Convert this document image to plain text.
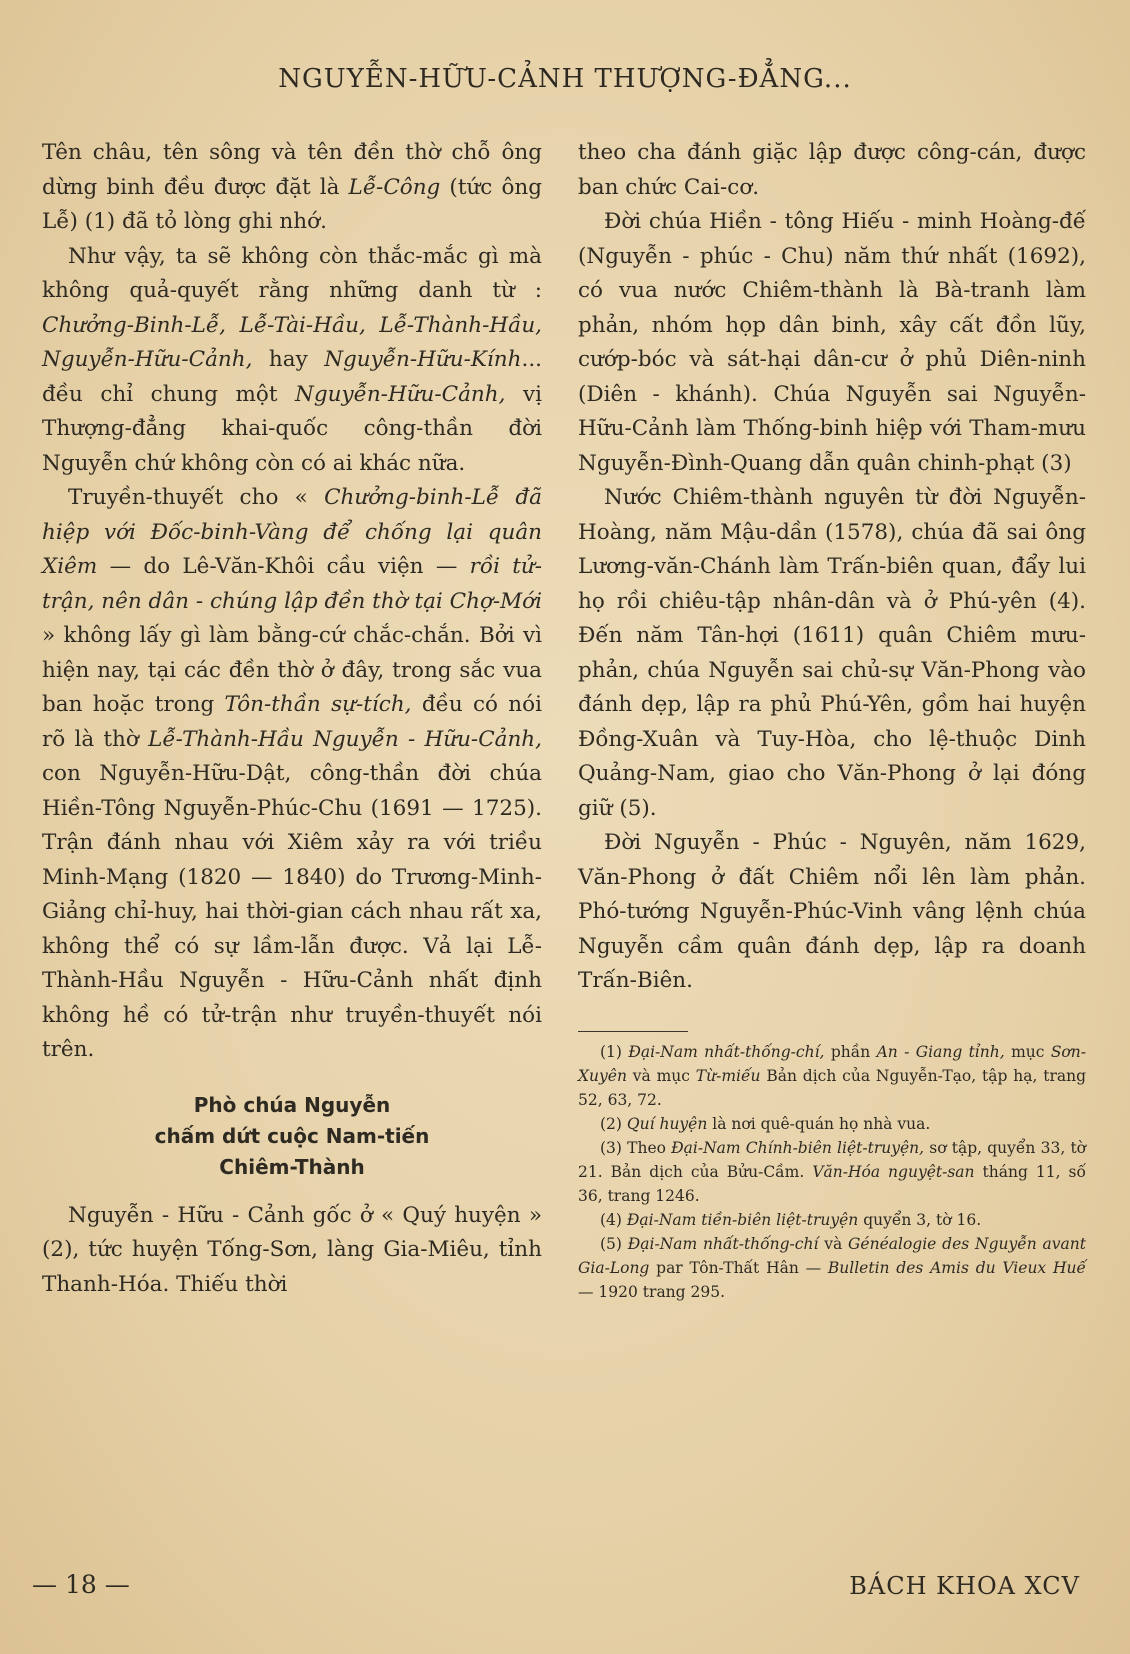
NGUYỄN-HỮU-CẢNH THƯỢNG-ĐẲNG...

Tên châu, tên sông và tên đền thờ chỗ ông dừng binh đều được đặt là Lễ-Công (tức ông Lễ) (1) đã tỏ lòng ghi nhớ.

Như vậy, ta sẽ không còn thắc-mắc gì mà không quả-quyết rằng những danh từ : Chưởng-Binh-Lễ, Lễ-Tài-Hầu, Lễ-Thành-Hầu, Nguyễn-Hữu-Cảnh, hay Nguyễn-Hữu-Kính... đều chỉ chung một Nguyễn-Hữu-Cảnh, vị Thượng-đẳng khai-quốc công-thần đời Nguyễn chứ không còn có ai khác nữa.

Truyền-thuyết cho « Chưởng-binh-Lễ đã hiệp với Đốc-binh-Vàng để chống lại quân Xiêm — do Lê-Văn-Khôi cầu viện — rồi tử-trận, nên dân - chúng lập đền thờ tại Chợ-Mới » không lấy gì làm bằng-cứ chắc-chắn. Bởi vì hiện nay, tại các đền thờ ở đây, trong sắc vua ban hoặc trong Tôn-thần sự-tích, đều có nói rõ là thờ Lễ-Thành-Hầu Nguyễn - Hữu-Cảnh, con Nguyễn-Hữu-Dật, công-thần đời chúa Hiền-Tông Nguyễn-Phúc-Chu (1691 — 1725). Trận đánh nhau với Xiêm xảy ra với triều Minh-Mạng (1820 — 1840) do Trương-Minh-Giảng chỉ-huy, hai thời-gian cách nhau rất xa, không thể có sự lầm-lẫn được. Vả lại Lễ-Thành-Hầu Nguyễn - Hữu-Cảnh nhất định không hề có tử-trận như truyền-thuyết nói trên.

Phò chúa Nguyễn
chấm dứt cuộc Nam-tiến
Chiêm-Thành

Nguyễn - Hữu - Cảnh gốc ở « Quý huyện » (2), tức huyện Tống-Sơn, làng Gia-Miêu, tỉnh Thanh-Hóa. Thiếu thời

theo cha đánh giặc lập được công-cán, được ban chức Cai-cơ.

Đời chúa Hiền - tông Hiếu - minh Hoàng-đế (Nguyễn - phúc - Chu) năm thứ nhất (1692), có vua nước Chiêm-thành là Bà-tranh làm phản, nhóm họp dân binh, xây cất đồn lũy, cướp-bóc và sát-hại dân-cư ở phủ Diên-ninh (Diên - khánh). Chúa Nguyễn sai Nguyễn-Hữu-Cảnh làm Thống-binh hiệp với Tham-mưu Nguyễn-Đình-Quang dẫn quân chinh-phạt (3)

Nước Chiêm-thành nguyên từ đời Nguyễn-Hoàng, năm Mậu-dần (1578), chúa đã sai ông Lương-văn-Chánh làm Trấn-biên quan, đẩy lui họ rồi chiêu-tập nhân-dân và ở Phú-yên (4). Đến năm Tân-hợi (1611) quân Chiêm mưu-phản, chúa Nguyễn sai chủ-sự Văn-Phong vào đánh dẹp, lập ra phủ Phú-Yên, gồm hai huyện Đồng-Xuân và Tuy-Hòa, cho lệ-thuộc Dinh Quảng-Nam, giao cho Văn-Phong ở lại đóng giữ (5).

Đời Nguyễn - Phúc - Nguyên, năm 1629, Văn-Phong ở đất Chiêm nổi lên làm phản. Phó-tướng Nguyễn-Phúc-Vinh vâng lệnh chúa Nguyễn cầm quân đánh dẹp, lập ra doanh Trấn-Biên.

(1) Đại-Nam nhất-thống-chí, phần An - Giang tỉnh, mục Sơn-Xuyên và mục Từ-miếu Bản dịch của Nguyễn-Tạo, tập hạ, trang 52, 63, 72.

(2) Quí huyện là nơi quê-quán họ nhà vua.

(3) Theo Đại-Nam Chính-biên liệt-truyện, sơ tập, quyển 33, tờ 21. Bản dịch của Bửu-Cầm. Văn-Hóa nguyệt-san tháng 11, số 36, trang 1246.

(4) Đại-Nam tiền-biên liệt-truyện quyển 3, tờ 16.

(5) Đại-Nam nhất-thống-chí và Généalogie des Nguyễn avant Gia-Long par Tôn-Thất Hân — Bulletin des Amis du Vieux Huế — 1920 trang 295.

— 18 —	BÁCH KHOA XCV
